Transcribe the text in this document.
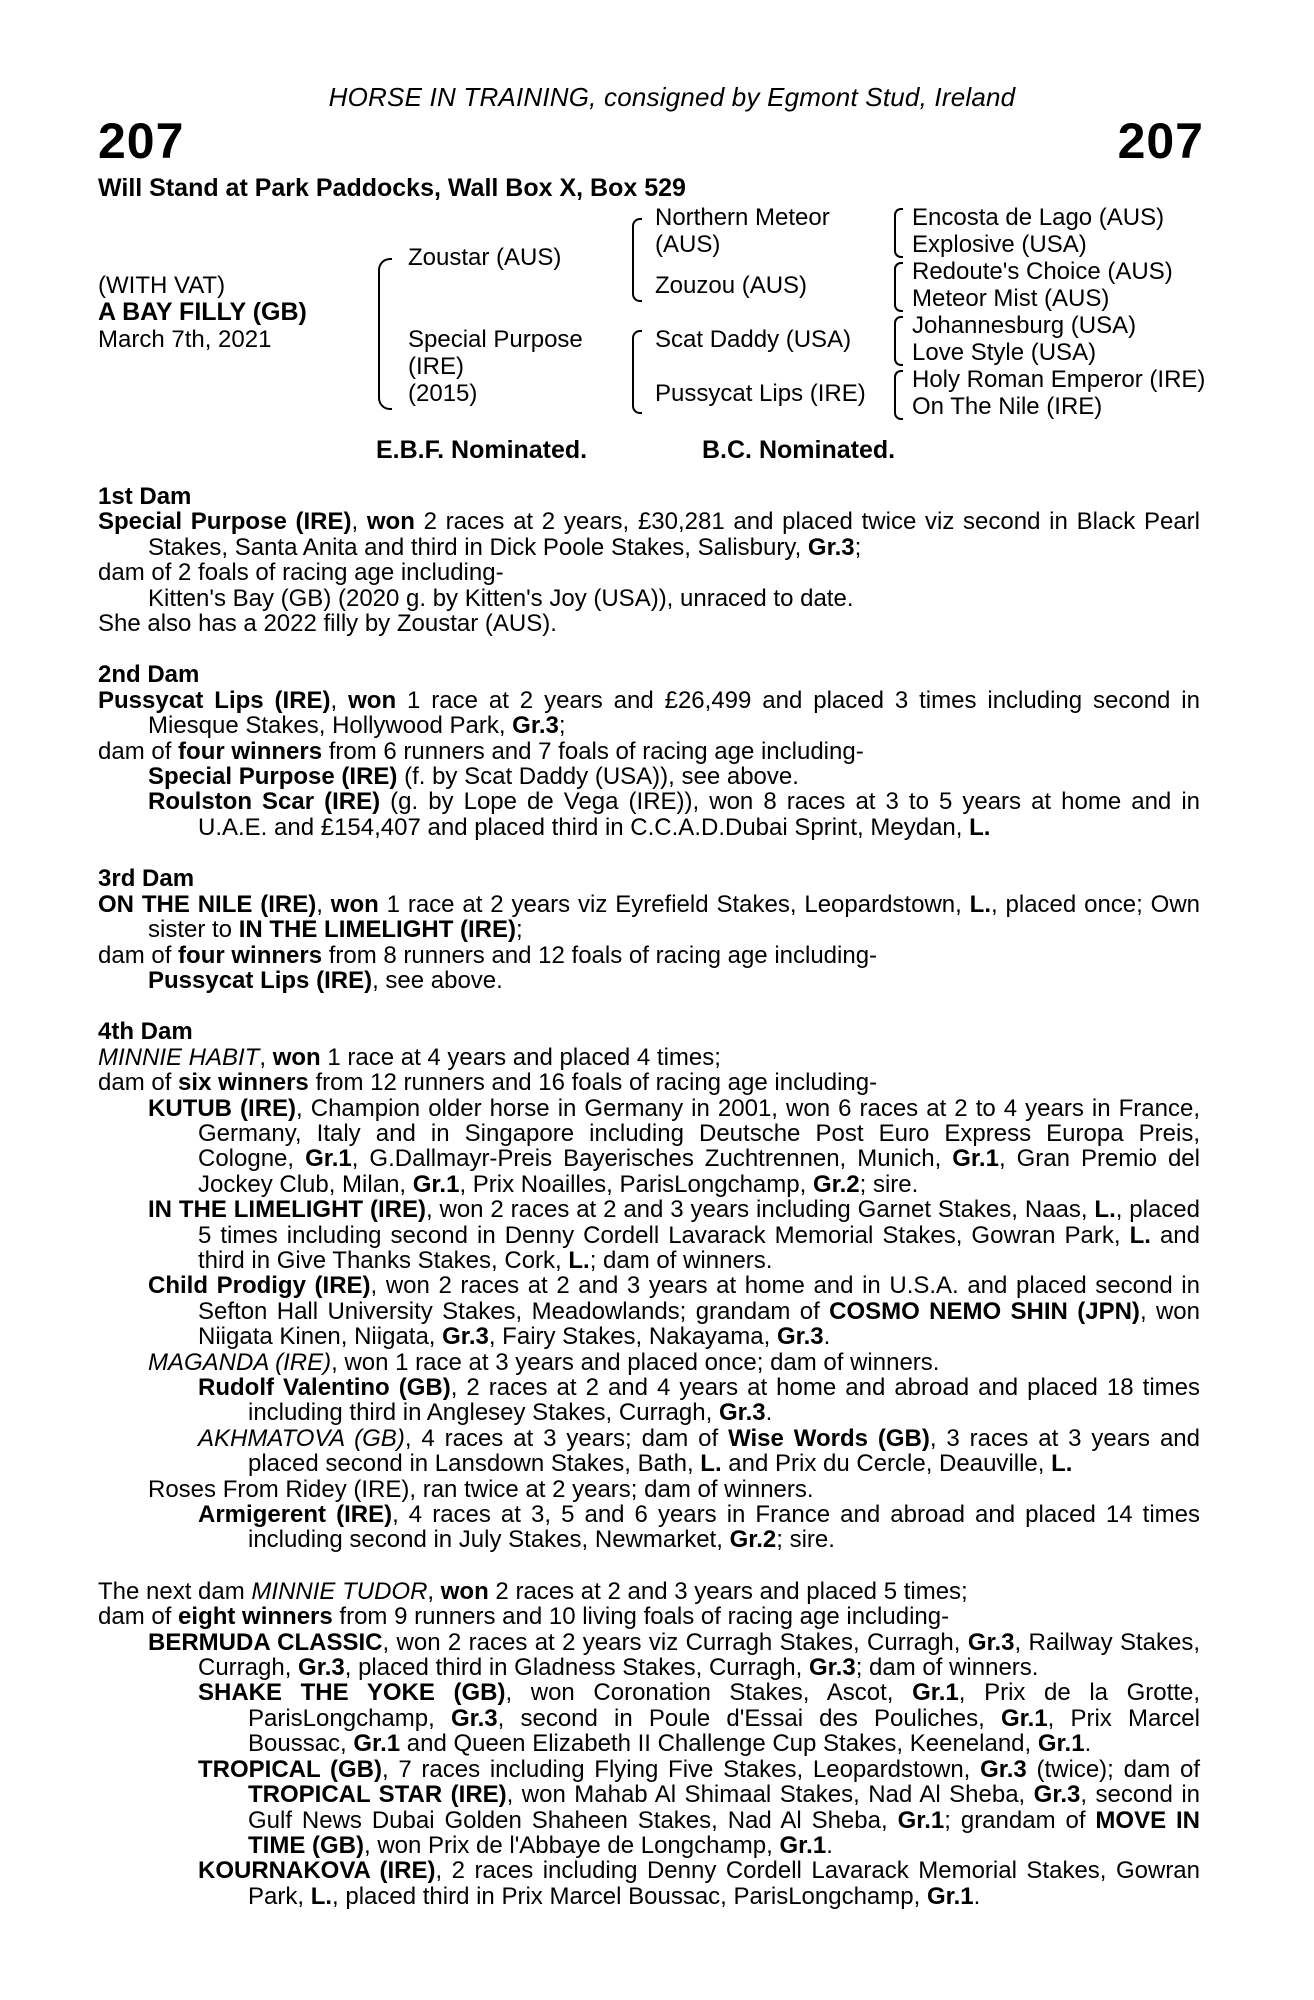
HORSE IN TRAINING, consigned by Egmont Stud, Ireland
207	207
Will Stand at Park Paddocks, Wall Box X, Box 529
(WITH VAT)
A BAY FILLY (GB)
March 7th, 2021
Zoustar (AUS)
Special Purpose
(IRE)
(2015)
Northern Meteor
(AUS)
Zouzou (AUS)
Scat Daddy (USA)
Pussycat Lips (IRE)
Encosta de Lago (AUS)
Explosive (USA)
Redoute's Choice (AUS)
Meteor Mist (AUS)
Johannesburg (USA)
Love Style (USA)
Holy Roman Emperor (IRE)
On The Nile (IRE)
E.B.F. Nominated.	B.C. Nominated.

1st Dam

Special Purpose (IRE), won 2 races at 2 years, £30,281 and placed twice viz second in Black Pearl Stakes, Santa Anita and third in Dick Poole Stakes, Salisbury, Gr.3;

dam of 2 foals of racing age including-

Kitten's Bay (GB) (2020 g. by Kitten's Joy (USA)), unraced to date.

She also has a 2022 filly by Zoustar (AUS).

2nd Dam

Pussycat Lips (IRE), won 1 race at 2 years and £26,499 and placed 3 times including second in Miesque Stakes, Hollywood Park, Gr.3;

dam of four winners from 6 runners and 7 foals of racing age including-

Special Purpose (IRE) (f. by Scat Daddy (USA)), see above.

Roulston Scar (IRE) (g. by Lope de Vega (IRE)), won 8 races at 3 to 5 years at home and in U.A.E. and £154,407 and placed third in C.C.A.D.Dubai Sprint, Meydan, L.

3rd Dam

ON THE NILE (IRE), won 1 race at 2 years viz Eyrefield Stakes, Leopardstown, L., placed once; Own sister to IN THE LIMELIGHT (IRE);

dam of four winners from 8 runners and 12 foals of racing age including-

Pussycat Lips (IRE), see above.

4th Dam

MINNIE HABIT, won 1 race at 4 years and placed 4 times;

dam of six winners from 12 runners and 16 foals of racing age including-

KUTUB (IRE), Champion older horse in Germany in 2001, won 6 races at 2 to 4 years in France, Germany, Italy and in Singapore including Deutsche Post Euro Express Europa Preis, Cologne, Gr.1, G.Dallmayr-Preis Bayerisches Zuchtrennen, Munich, Gr.1, Gran Premio del Jockey Club, Milan, Gr.1, Prix Noailles, ParisLongchamp, Gr.2; sire.

IN THE LIMELIGHT (IRE), won 2 races at 2 and 3 years including Garnet Stakes, Naas, L., placed 5 times including second in Denny Cordell Lavarack Memorial Stakes, Gowran Park, L. and third in Give Thanks Stakes, Cork, L.; dam of winners.

Child Prodigy (IRE), won 2 races at 2 and 3 years at home and in U.S.A. and placed second in Sefton Hall University Stakes, Meadowlands; grandam of COSMO NEMO SHIN (JPN), won Niigata Kinen, Niigata, Gr.3, Fairy Stakes, Nakayama, Gr.3.

MAGANDA (IRE), won 1 race at 3 years and placed once; dam of winners.

Rudolf Valentino (GB), 2 races at 2 and 4 years at home and abroad and placed 18 times including third in Anglesey Stakes, Curragh, Gr.3.

AKHMATOVA (GB), 4 races at 3 years; dam of Wise Words (GB), 3 races at 3 years and placed second in Lansdown Stakes, Bath, L. and Prix du Cercle, Deauville, L.

Roses From Ridey (IRE), ran twice at 2 years; dam of winners.

Armigerent (IRE), 4 races at 3, 5 and 6 years in France and abroad and placed 14 times including second in July Stakes, Newmarket, Gr.2; sire.

The next dam MINNIE TUDOR, won 2 races at 2 and 3 years and placed 5 times;

dam of eight winners from 9 runners and 10 living foals of racing age including-

BERMUDA CLASSIC, won 2 races at 2 years viz Curragh Stakes, Curragh, Gr.3, Railway Stakes, Curragh, Gr.3, placed third in Gladness Stakes, Curragh, Gr.3; dam of winners.

SHAKE THE YOKE (GB), won Coronation Stakes, Ascot, Gr.1, Prix de la Grotte, ParisLongchamp, Gr.3, second in Poule d'Essai des Pouliches, Gr.1, Prix Marcel Boussac, Gr.1 and Queen Elizabeth II Challenge Cup Stakes, Keeneland, Gr.1.

TROPICAL (GB), 7 races including Flying Five Stakes, Leopardstown, Gr.3 (twice); dam of TROPICAL STAR (IRE), won Mahab Al Shimaal Stakes, Nad Al Sheba, Gr.3, second in Gulf News Dubai Golden Shaheen Stakes, Nad Al Sheba, Gr.1; grandam of MOVE IN TIME (GB), won Prix de l'Abbaye de Longchamp, Gr.1.

KOURNAKOVA (IRE), 2 races including Denny Cordell Lavarack Memorial Stakes, Gowran Park, L., placed third in Prix Marcel Boussac, ParisLongchamp, Gr.1.
